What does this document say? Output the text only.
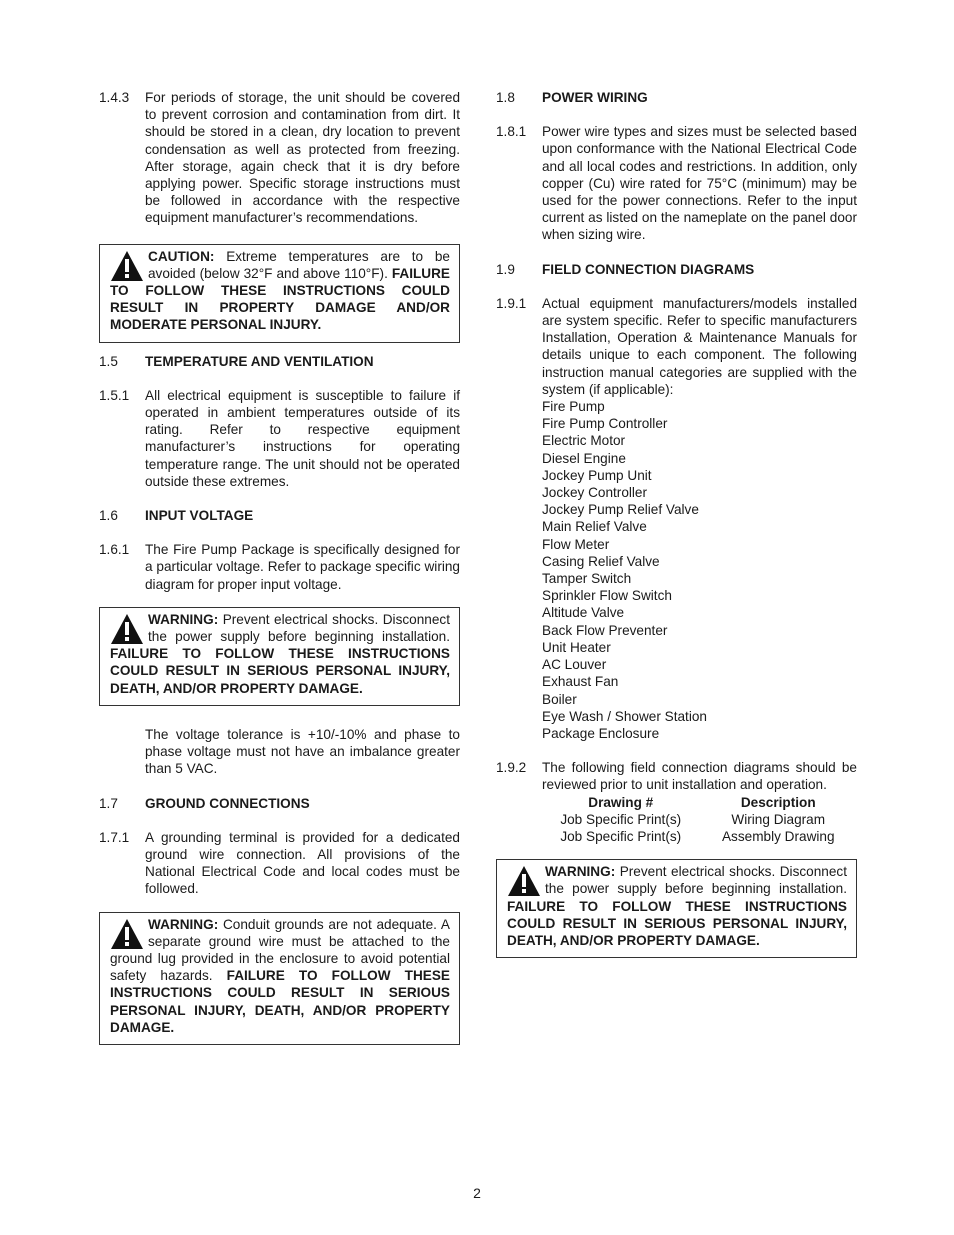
1.4.3	For periods of storage, the unit should be covered to prevent corrosion and contamination from dirt. It should be stored in a clean, dry location to prevent condensation as well as protected from freezing. After storage, again check that it is dry before applying power. Specific storage instructions must be followed in accordance with the respective equipment manufacturer’s recommendations.
CAUTION: Extreme temperatures are to be avoided (below 32°F and above 110°F). FAILURE TO FOLLOW THESE INSTRUCTIONS COULD RESULT IN PROPERTY DAMAGE AND/OR MODERATE PERSONAL INJURY.
1.5	TEMPERATURE AND VENTILATION
1.5.1	All electrical equipment is susceptible to failure if operated in ambient temperatures outside of its rating. Refer to respective equipment manufacturer’s instructions for operating temperature range. The unit should not be operated outside these extremes.
1.6	INPUT VOLTAGE
1.6.1	The Fire Pump Package is specifically designed for a particular voltage. Refer to package specific wiring diagram for proper input voltage.
WARNING: Prevent electrical shocks. Disconnect the power supply before beginning installation. FAILURE TO FOLLOW THESE INSTRUCTIONS COULD RESULT IN SERIOUS PERSONAL INJURY, DEATH, AND/OR PROPERTY DAMAGE.
The voltage tolerance is +10/-10% and phase to phase voltage must not have an imbalance greater than 5 VAC.
1.7	GROUND CONNECTIONS
1.7.1	A grounding terminal is provided for a dedicated ground wire connection. All provisions of the National Electrical Code and local codes must be followed.
WARNING: Conduit grounds are not adequate. A separate ground wire must be attached to the ground lug provided in the enclosure to avoid potential safety hazards. FAILURE TO FOLLOW THESE INSTRUCTIONS COULD RESULT IN SERIOUS PERSONAL INJURY, DEATH, AND/OR PROPERTY DAMAGE.
1.8	POWER WIRING
1.8.1	Power wire types and sizes must be selected based upon conformance with the National Electrical Code and all local codes and restrictions. In addition, only copper (Cu) wire rated for 75°C (minimum) may be used for the power connections. Refer to the input current as listed on the nameplate on the panel door when sizing wire.
1.9	FIELD CONNECTION DIAGRAMS
1.9.1	Actual equipment manufacturers/models installed are system specific. Refer to specific manufacturers Installation, Operation & Maintenance Manuals for details unique to each component. The following instruction manual categories are supplied with the system (if applicable):
Fire Pump
Fire Pump Controller
Electric Motor
Diesel Engine
Jockey Pump Unit
Jockey Controller
Jockey Pump Relief Valve
Main Relief Valve
Flow Meter
Casing Relief Valve
Tamper Switch
Sprinkler Flow Switch
Altitude Valve
Back Flow Preventer
Unit Heater
AC Louver
Exhaust Fan
Boiler
Eye Wash / Shower Station
Package Enclosure
1.9.2	The following field connection diagrams should be reviewed prior to unit installation and operation.
Drawing #	Description
Job Specific Print(s)	Wiring Diagram
Job Specific Print(s)	Assembly Drawing
WARNING: Prevent electrical shocks. Disconnect the power supply before beginning installation. FAILURE TO FOLLOW THESE INSTRUCTIONS COULD RESULT IN SERIOUS PERSONAL INJURY, DEATH, AND/OR PROPERTY DAMAGE.
2
